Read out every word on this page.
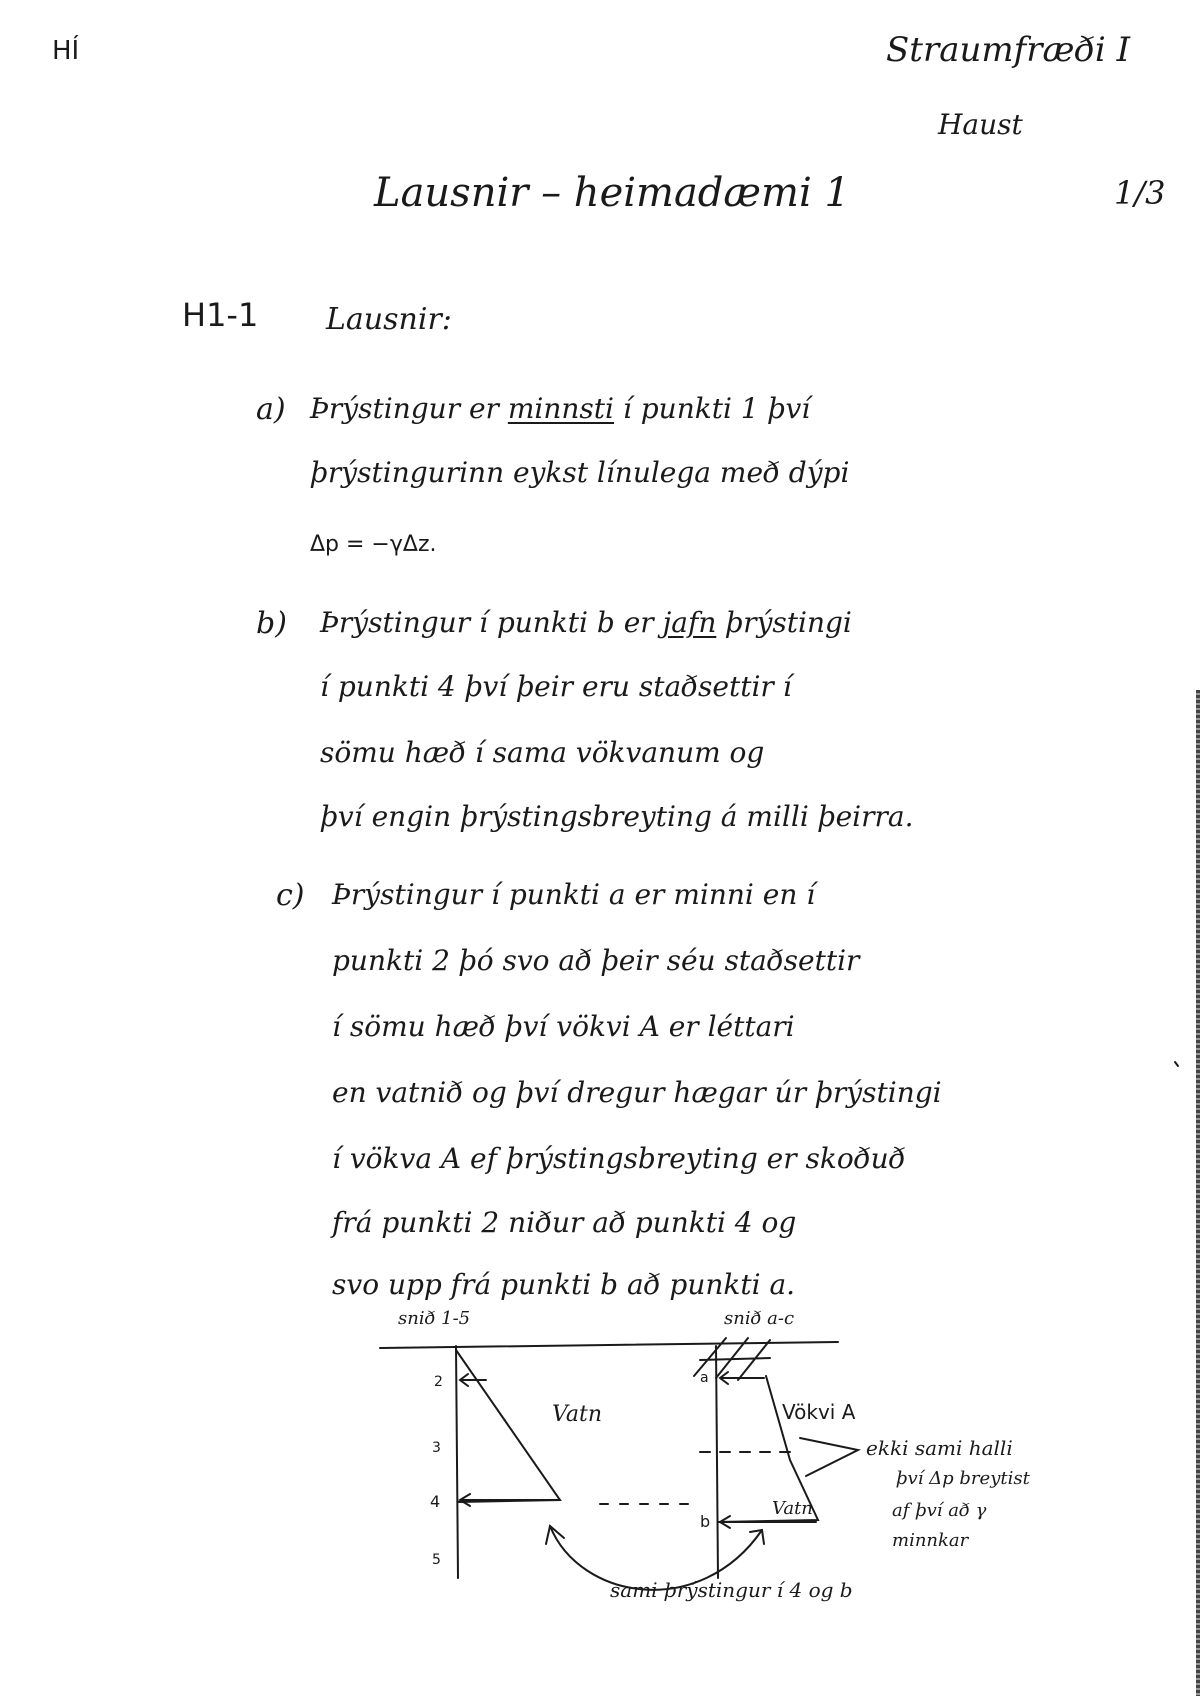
HÍ	Straumfræði I
Haust
Lausnir – heimadæmi 1	1/3
H1-1 Lausnir:
a) Þrýstingur er minnsti í punkti 1 því
þrýstingurinn eykst línulega með dýpi
Δp = −γΔz.
b) Þrýstingur í punkti b er jafn þrýstingi
í punkti 4 því þeir eru staðsettir í
sömu hæð í sama vökvanum og
því engin þrýstingsbreyting á milli þeirra.
c) Þrýstingur í punkti a er minni en í
punkti 2 þó svo að þeir séu staðsettir
í sömu hæð því vökvi A er léttari
en vatnið og því dregur hægar úr þrýstingi
í vökva A ef þrýstingsbreyting er skoðuð
frá punkti 2 niður að punkti 4 og
svo upp frá punkti b að punkti a.
snið 1-5	snið a-c
Vatn	Vökvi A
Vatn
2
3
4
5
a
b
ekki sami halli
því Δp breytist
af því að γ
minnkar
sami þrýstingur í 4 og b
